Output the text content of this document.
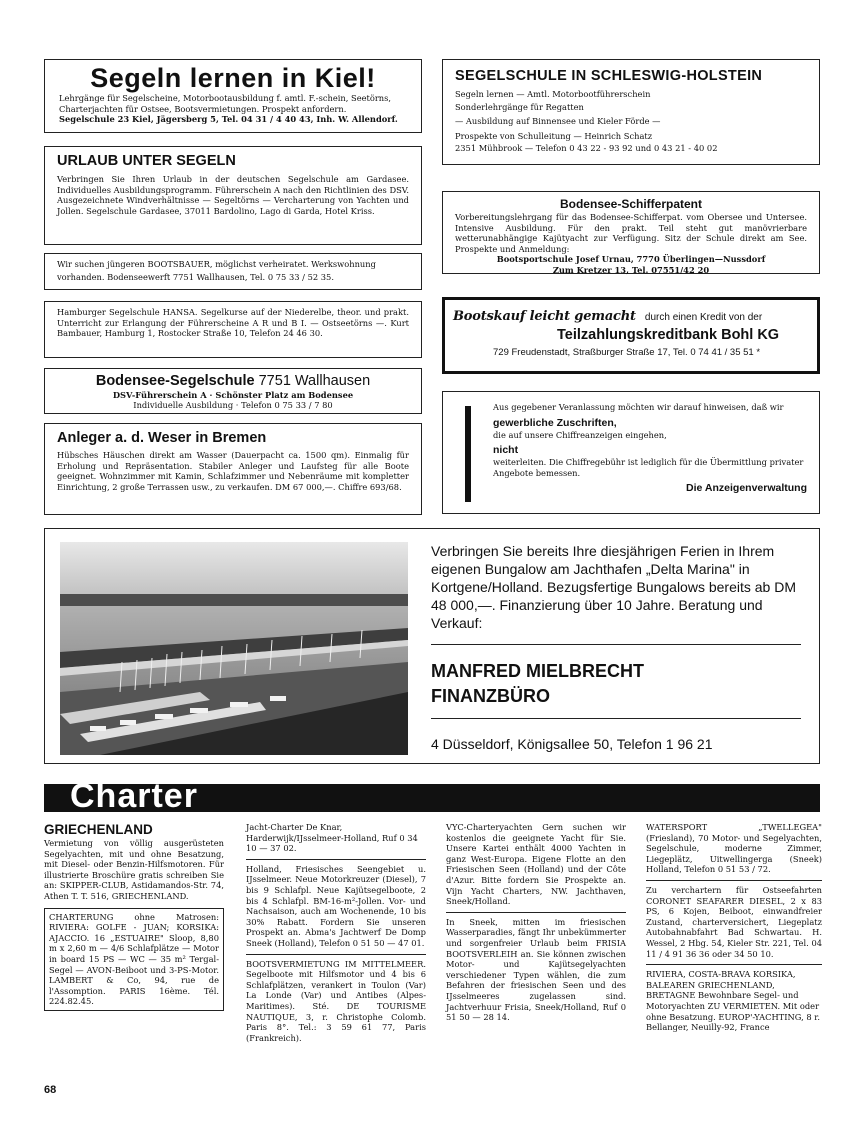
Segeln lernen in Kiel!

Lehrgänge für Segelscheine, Motorbootausbildung f. amtl. F.-schein, Seetörns, Charterjachten für Ostsee, Bootsvermietungen. Prospekt anfordern.

Segelschule 23 Kiel, Jägersberg 5, Tel. 04 31 / 4 40 43, Inh. W. Allendorf.

SEGELSCHULE IN SCHLESWIG-HOLSTEIN

Segeln lernen — Amtl. Motorbootführerschein

Sonderlehrgänge für Regatten

— Ausbildung auf Binnensee und Kieler Förde —

Prospekte von Schulleitung — Heinrich Schatz

2351 Mühbrook — Telefon 0 43 22 - 93 92 und 0 43 21 - 40 02

URLAUB UNTER SEGELN

Verbringen Sie Ihren Urlaub in der deutschen Segelschule am Gardasee. Individuelles Ausbildungsprogramm. Führerschein A nach den Richtlinien des DSV. Ausgezeichnete Windverhältnisse — Segeltörns — Vercharterung von Yachten und Jollen. Segelschule Gardasee, 37011 Bardolino, Lago di Garda, Hotel Kriss.	Bodensee-Schifferpatent

Vorbereitungslehrgang für das Bodensee-Schifferpat. vom Obersee und Untersee. Intensive Ausbildung. Für den prakt. Teil steht gut manövrierbare wetterunabhängige Kajütyacht zur Verfügung. Sitz der Schule direkt am See. Prospekte und Anmeldung:

Bootsportschule Josef Urnau, 7770 Überlingen—Nussdorf

Zum Kretzer 13, Tel. 07551/42 20

Wir suchen jüngeren BOOTSBAUER, möglichst verheiratet. Werkswohnung vorhanden. Bodenseewerft 7751 Wallhausen, Tel. 0 75 33 / 52 35.

Bootskauf leicht gemacht durch einen Kredit von der
Teilzahlungskreditbank Bohl KG
729 Freudenstadt, Straßburger Straße 17, Tel. 0 74 41 / 35 51 *

Hamburger Segelschule HANSA. Segelkurse auf der Niederelbe, theor. und prakt. Unterricht zur Erlangung der Führerscheine A R und B I. — Ostseetörns —. Kurt Bambauer, Hamburg 1, Rostocker Straße 10, Telefon 24 46 30.

Bodensee-Segelschule 7751 Wallhausen

DSV-Führerschein A · Schönster Platz am Bodensee

Individuelle Ausbildung · Telefon 0 75 33 / 7 80	Aus gegebener Veranlassung möchten wir darauf hinweisen, daß wir

gewerbliche Zuschriften,

die auf unsere Chiffreanzeigen eingehen,

nicht

weiterleiten. Die Chiffregebühr ist lediglich für die Übermittlung privater Angebote bemessen.

Die Anzeigenverwaltung

Anleger a. d. Weser in Bremen

Hübsches Häuschen direkt am Wasser (Dauerpacht ca. 1500 qm). Einmalig für Erholung und Repräsentation. Stabiler Anleger und Laufsteg für alle Boote geeignet. Wohnzimmer mit Kamin, Schlafzimmer und Nebenräume mit kompletter Einrichtung, 2 große Terrassen usw., zu verkaufen. DM 67 000,—. Chiffre 693/68.

Verbringen Sie bereits Ihre diesjährigen Ferien in Ihrem eigenen Bungalow am Jachthafen „Delta Marina" in Kortgene/Holland. Bezugsfertige Bungalows bereits ab DM 48 000,—. Finanzierung über 10 Jahre. Beratung und Verkauf:
MANFRED MIELBRECHT
FINANZBÜRO
4 Düsseldorf, Königsallee 50, Telefon 1 96 21
Charter
GRIECHENLAND

Vermietung von völlig ausgerüsteten Segelyachten, mit und ohne Besatzung, mit Diesel- oder Benzin-Hilfsmotoren. Für illustrierte Broschüre gratis schreiben Sie an: SKIPPER-CLUB, Astidamandos-Str. 74, Athen T. T. 516, GRIECHENLAND.

CHARTERUNG ohne Matrosen: RIVIERA: GOLFE - JUAN; KORSIKA: AJACCIO. 16 „ESTUAIRE" Sloop, 8,80 m x 2,60 m — 4/6 Schlafplätze — Motor in board 15 PS — WC — 35 m² Tergal-Segel — AVON-Beiboot und 3-PS-Motor. LAMBERT & Co, 94, rue de l'Assomption. PARIS 16ème. Tél. 224.82.45.

Jacht-Charter De Knar, Harderwijk/IJsselmeer-Holland, Ruf 0 34 10 — 37 02.

Holland, Friesisches Seengebiet u. IJsselmeer. Neue Motorkreuzer (Diesel), 7 bis 9 Schlafpl. Neue Kajütsegelboote, 2 bis 4 Schlafpl. BM-16-m²-Jollen. Vor- und Nachsaison, auch am Wochenende, 10 bis 30% Rabatt. Fordern Sie unseren Prospekt an. Abma's Jachtwerf De Domp Sneek (Holland), Telefon 0 51 50 — 47 01.

BOOTSVERMIETUNG IM MITTELMEER. Segelboote mit Hilfsmotor und 4 bis 6 Schlafplätzen, verankert in Toulon (Var) La Londe (Var) und Antibes (Alpes-Maritimes). Sté. DE TOURISME NAUTIQUE, 3, r. Christophe Colomb. Paris 8°. Tel.: 3 59 61 77, Paris (Frankreich).

VYC-Charteryachten Gern suchen wir kostenlos die geeignete Yacht für Sie. Unsere Kartei enthält 4000 Yachten in ganz West-Europa. Eigene Flotte an den Friesischen Seen (Holland) und der Côte d'Azur. Bitte fordern Sie Prospekte an. Vijn Yacht Charters, NW. Jachthaven, Sneek/Holland.

In Sneek, mitten im friesischen Wasserparadies, fängt Ihr unbekümmerter und sorgenfreier Urlaub beim FRISIA BOOTSVERLEIH an. Sie können zwischen Motor- und Kajütsegelyachten verschiedener Typen wählen, die zum Befahren der friesischen Seen und des IJsselmeeres zugelassen sind. Jachtverhuur Frisia, Sneek/Holland, Ruf 0 51 50 — 28 14.

WATERSPORT „TWELLEGEA" (Friesland), 70 Motor- und Segelyachten, Segelschule, moderne Zimmer, Liegeplätz, Uitwellingerga (Sneek) Holland, Telefon 0 51 53 / 72.

Zu verchartern für Ostseefahrten CORONET SEAFARER DIESEL, 2 x 83 PS, 6 Kojen, Beiboot, einwandfreier Zustand, charterversichert, Liegeplatz Autobahnabfahrt Bad Schwartau. H. Wessel, 2 Hbg. 54, Kieler Str. 221, Tel. 04 11 / 4 91 36 36 oder 34 50 10.

RIVIERA, COSTA-BRAVA KORSIKA, BALEAREN GRIECHENLAND, BRETAGNE Bewohnbare Segel- und Motoryachten ZU VERMIETEN. Mit oder ohne Besatzung. EUROP'-YACHTING, 8 r. Bellanger, Neuilly-92, France

68
